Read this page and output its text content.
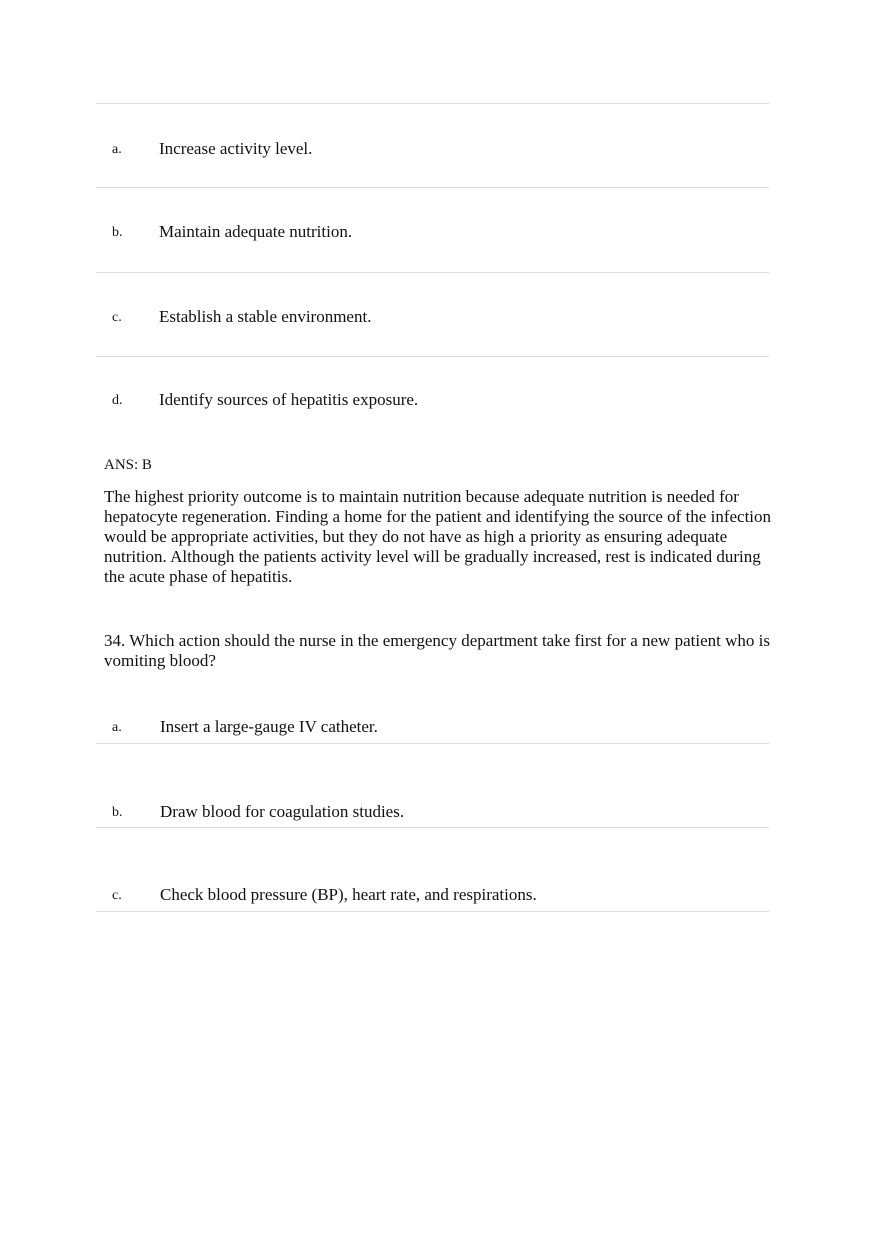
a. Increase activity level.
b. Maintain adequate nutrition.
c. Establish a stable environment.
d. Identify sources of hepatitis exposure.
ANS: B
The highest priority outcome is to maintain nutrition because adequate nutrition is needed for hepatocyte regeneration. Finding a home for the patient and identifying the source of the infection would be appropriate activities, but they do not have as high a priority as ensuring adequate nutrition. Although the patients activity level will be gradually increased, rest is indicated during the acute phase of hepatitis.
34. Which action should the nurse in the emergency department take first for a new patient who is vomiting blood?
a. Insert a large-gauge IV catheter.
b. Draw blood for coagulation studies.
c. Check blood pressure (BP), heart rate, and respirations.
